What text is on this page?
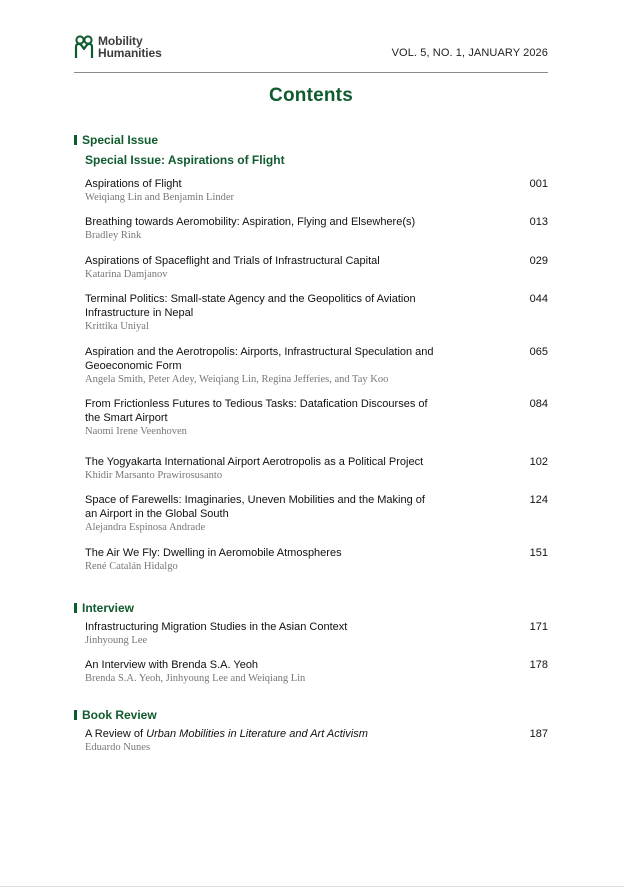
Mobility
Humanities	VOL. 5, NO. 1, JANUARY 2026
Contents
Special Issue
Special Issue: Aspirations of Flight
Aspirations of Flight
Weiqiang Lin and Benjamin Linder
001
Breathing towards Aeromobility: Aspiration, Flying and Elsewhere(s)
Bradley Rink
013
Aspirations of Spaceflight and Trials of Infrastructural Capital
Katarina Damjanov
029
Terminal Politics: Small-state Agency and the Geopolitics of Aviation Infrastructure in Nepal
Krittika Uniyal
044
Aspiration and the Aerotropolis: Airports, Infrastructural Speculation and Geoeconomic Form
Angela Smith, Peter Adey, Weiqiang Lin, Regina Jefferies, and Tay Koo
065
From Frictionless Futures to Tedious Tasks: Datafication Discourses of the Smart Airport
Naomi Irene Veenhoven
084
The Yogyakarta International Airport Aerotropolis as a Political Project
Khidir Marsanto Prawirosusanto
102
Space of Farewells: Imaginaries, Uneven Mobilities and the Making of an Airport in the Global South
Alejandra Espinosa Andrade
124
The Air We Fly: Dwelling in Aeromobile Atmospheres
René Catalán Hidalgo
151
Interview
Infrastructuring Migration Studies in the Asian Context
Jinhyoung Lee
171
An Interview with Brenda S.A. Yeoh
Brenda S.A. Yeoh, Jinhyoung Lee and Weiqiang Lin
178
Book Review
A Review of Urban Mobilities in Literature and Art Activism
Eduardo Nunes
187
